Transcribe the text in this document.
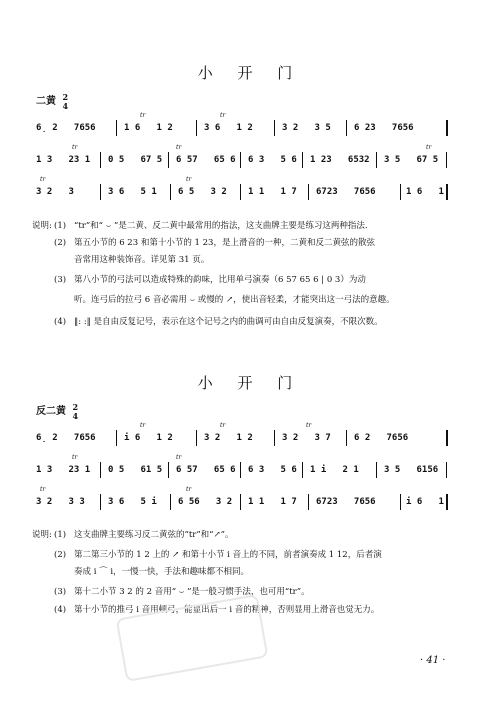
小 开 门
二黄 2
4
6̣ 2   7656
tr
1 6   1 2
tr
3 6   1 2	3 2   3 5	6 23   7656
tr
1 3   23 1 0 5   67 5
tr
6 57   65 6 6 3   5 6 1 23   6532
tr
3 5   67 5
tr
3 2   3	3 6   5 1
tr
6 5   3 2 1 1   1 7 6723   7656	1 6   1
说明: (1) “tr”和“ ⌣ ”是二黄、反二黄中最常用的指法，这支曲牌主要是练习这两种指法.
(2) 第五小节的 6 23 和第十小节的 1 23，是上滑音的一种，二黄和反二黄弦的散弦
音常用这种装饰音。详见第 31 页。
(3) 第八小节的弓法可以造成特殊的韵味，比用单弓演奏（6 57 65 6 | 0 3）为动
听。连弓后的拉弓 6 音必需用 ⌣ 或慢的 ↗，使出音轻柔，才能突出这一弓法的意趣。
(4) ‖: :‖ 是自由反复记号，表示在这个记号之内的曲调可由自由反复演奏，不限次数。
小 开 门
反二黄 2
4
6̣ 2   7656
tr
i 6   1 2
tr
3 2   1 2
tr
3 2   3 7	6 2   7656
tr
1 3   23 1 0 5   61 5
tr
6 57   65 6 6 3   5 6 1 i   2 1	3 5   6156
tr
3 2   3 3	3 6   5 i
tr
6 56   3 2 1 1   1 7 6723   7656	i 6   1
说明: (1) 这支曲牌主要练习反二黄弦的“tr”和“↗”。
(2) 第二第三小节的 1 2 上的 ↗ 和第十小节 i 音上的不同，前者演奏成 1 12，后者演
奏成 i ⌒ i，一慢一快，手法和趣味都不相同。
(3) 第十二小节 3 2 的 2 音用“ ⌣ ”是一般习惯手法，也可用“tr”。
(4) 第十小节的推弓 i 音用顿弓，能显出后一 i 音的精神，否则显用上滑音也觉无力。
· 41 ·
